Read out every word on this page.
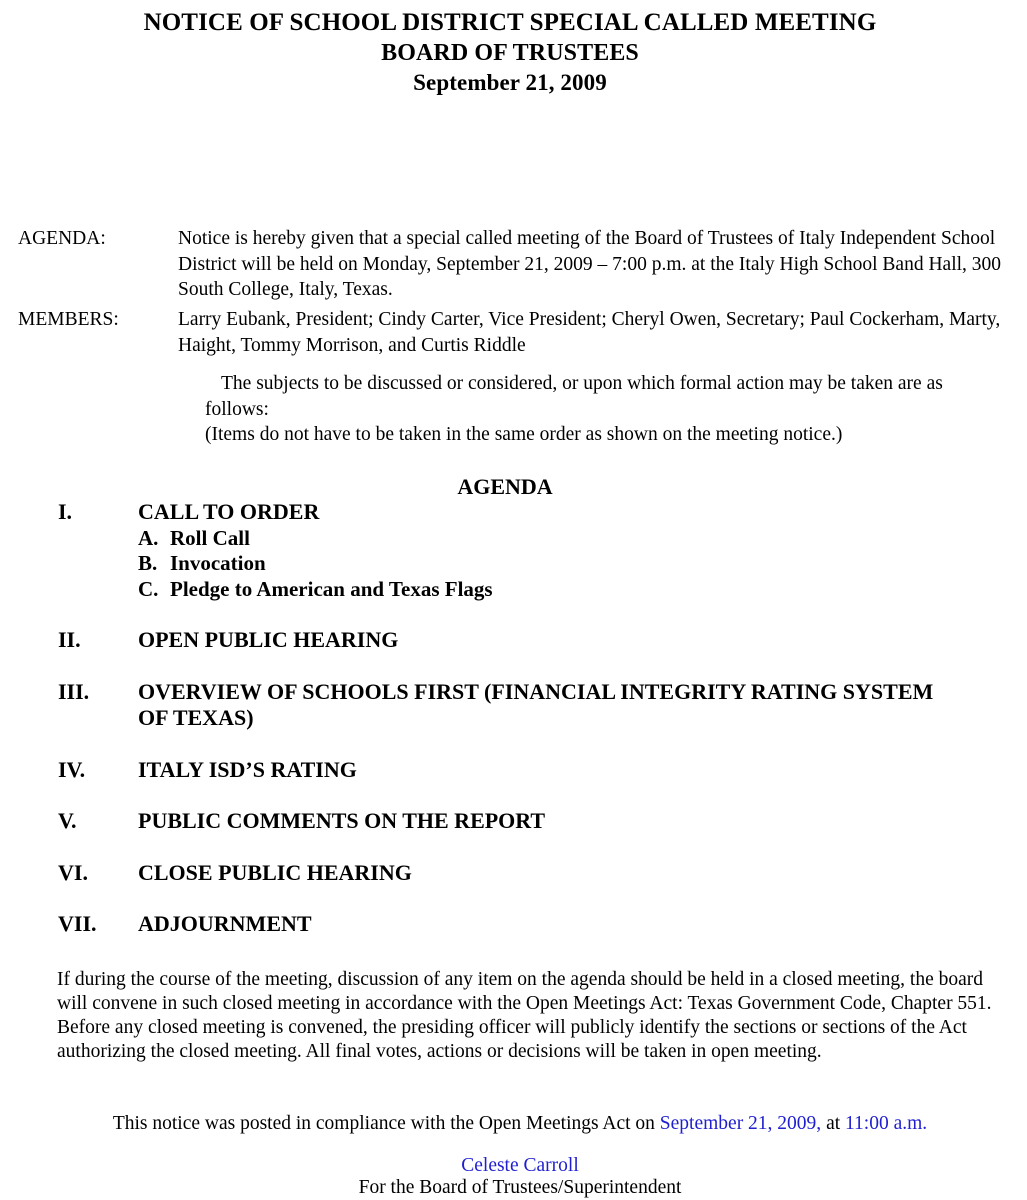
NOTICE OF SCHOOL DISTRICT SPECIAL CALLED MEETING
BOARD OF TRUSTEES
September 21, 2009
AGENDA:	Notice is hereby given that a special called meeting of the Board of Trustees of Italy Independent School District will be held on Monday, September 21, 2009 – 7:00 p.m. at the Italy High School Band Hall, 300 South College, Italy, Texas.
MEMBERS:	Larry Eubank, President; Cindy Carter, Vice President; Cheryl Owen, Secretary; Paul Cockerham, Marty, Haight, Tommy Morrison, and Curtis Riddle
The subjects to be discussed or considered, or upon which formal action may be taken are as follows:
(Items do not have to be taken in the same order as shown on the meeting notice.)
AGENDA
I.	CALL TO ORDER
A. Roll Call
B. Invocation
C. Pledge to American and Texas Flags
II.	OPEN PUBLIC HEARING
III. OVERVIEW OF SCHOOLS FIRST (FINANCIAL INTEGRITY RATING SYSTEM OF TEXAS)
IV. ITALY ISD’S RATING
V.	PUBLIC COMMENTS ON THE REPORT
VI. CLOSE PUBLIC HEARING
VII. ADJOURNMENT
If during the course of the meeting, discussion of any item on the agenda should be held in a closed meeting, the board will convene in such closed meeting in accordance with the Open Meetings Act: Texas Government Code, Chapter 551. Before any closed meeting is convened, the presiding officer will publicly identify the sections or sections of the Act authorizing the closed meeting. All final votes, actions or decisions will be taken in open meeting.
This notice was posted in compliance with the Open Meetings Act on September 21, 2009, at 11:00 a.m.
Celeste Carroll
For the Board of Trustees/Superintendent
